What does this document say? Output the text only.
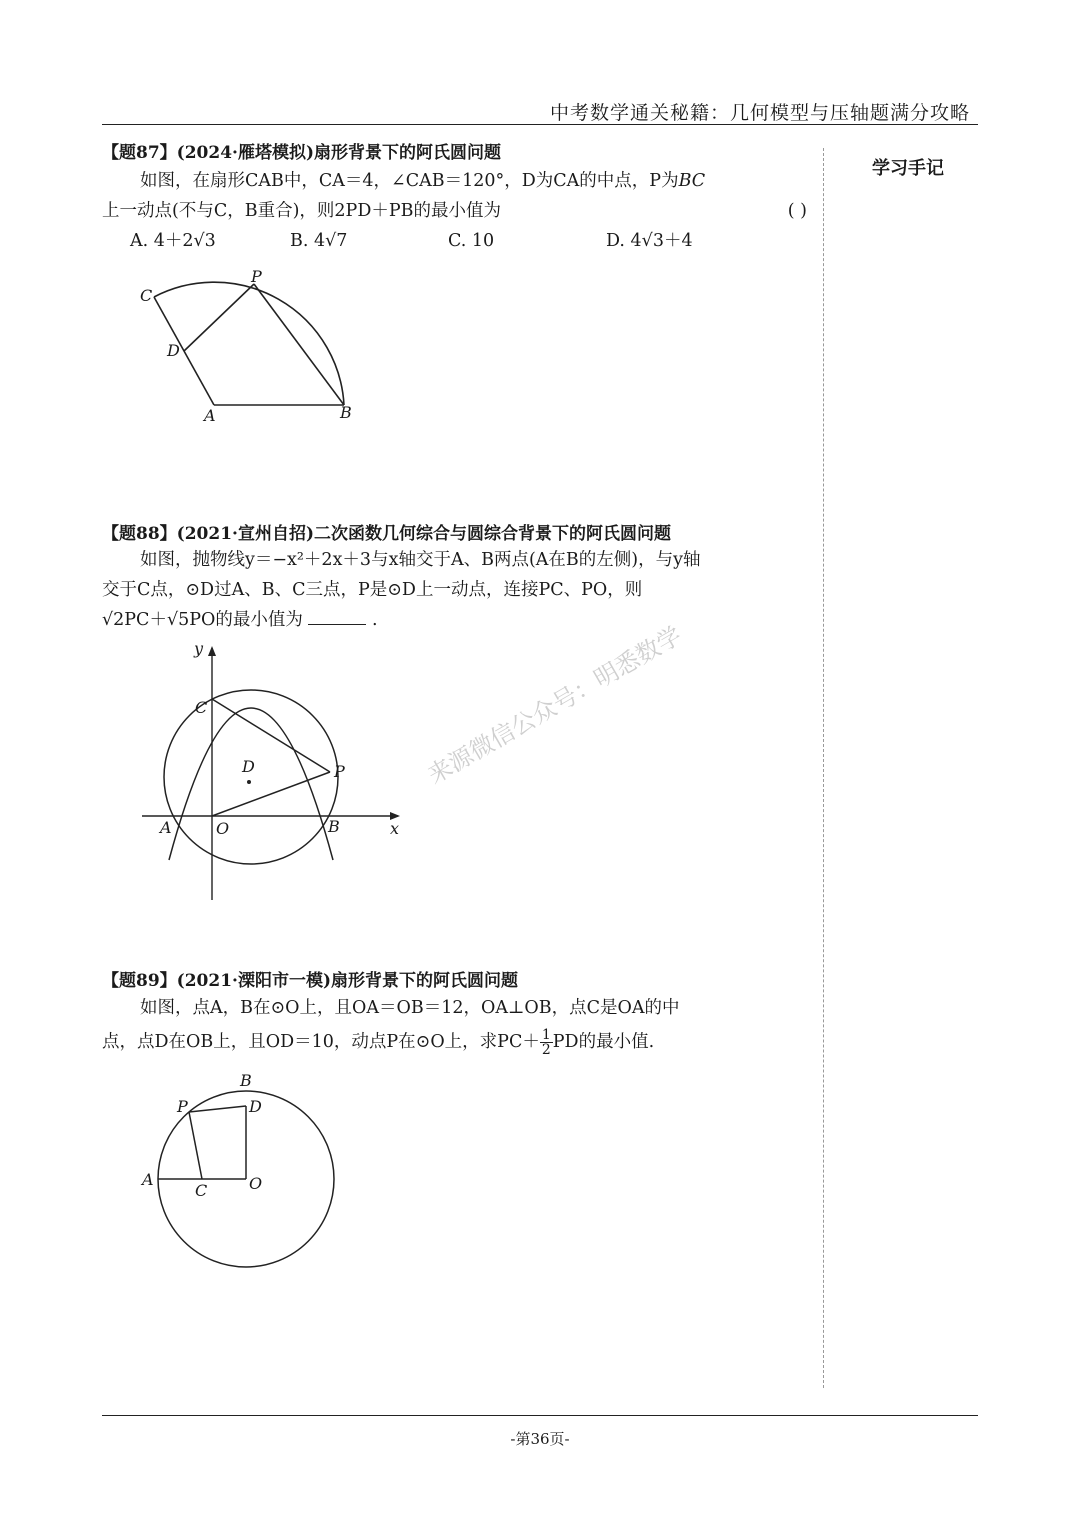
中考数学通关秘籍：几何模型与压轴题满分攻略
学习手记
【题87】(2024·雁塔模拟)扇形背景下的阿氏圆问题
如图，在扇形CAB中，CA＝4，∠CAB＝120°，D为CA的中点，P为BC
上一动点(不与C，B重合)，则2PD＋PB的最小值为	( )
A. 4＋2√3	B. 4√7	C. 10	D. 4√3＋4
C
D
A	B
P
【题88】(2021·宣州自招)二次函数几何综合与圆综合背景下的阿氏圆问题
如图，抛物线y＝−x²＋2x＋3与x轴交于A、B两点(A在B的左侧)，与y轴
交于C点，⊙D过A、B、C三点，P是⊙D上一动点，连接PC、PO，则
√2PC＋√5PO的最小值为	.
y
x
C
D	P
A	O	B
来源微信公众号：明悉数学
【题89】(2021·溧阳市一模)扇形背景下的阿氏圆问题
如图，点A，B在⊙O上，且OA＝OB＝12，OA⊥OB，点C是OA的中
点，点D在OB上，且OD＝10，动点P在⊙O上，求$PC+ \frac{1}{2}$ PD的最小值.
B
P	D
A
C	O
-第36页-
